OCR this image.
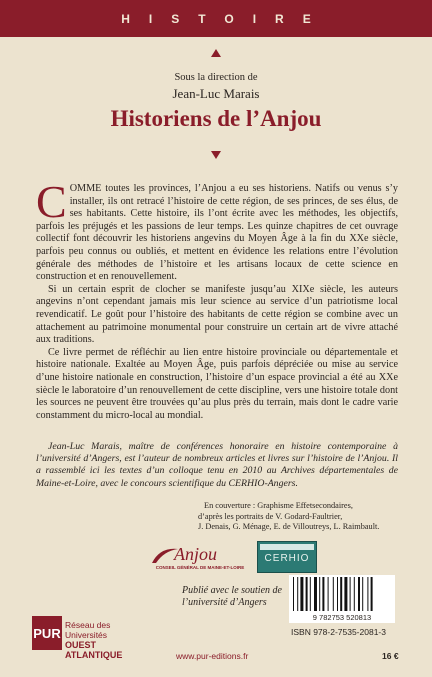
HISTOIRE
Sous la direction de
Jean-Luc Marais
Historiens de l’Anjou

COMME toutes les provinces, l’Anjou a eu ses historiens. Natifs ou venus s’y installer, ils ont retracé l’histoire de cette région, de ses princes, de ses élus, de ses habitants. Cette histoire, ils l’ont écrite avec les méthodes, les objectifs, parfois les préjugés et les passions de leur temps. Les quinze chapitres de cet ouvrage collectif font découvrir les historiens angevins du Moyen Âge à la fin du XXe siècle, parfois peu connus ou oubliés, et mettent en évidence les relations entre l’évolution générale des méthodes de l’histoire et les artisans locaux de cette science en construction et en renouvellement.

Si un certain esprit de clocher se manifeste jusqu’au XIXe siècle, les auteurs angevins n’ont cependant jamais mis leur science au service d’un patriotisme local revendicatif. Le goût pour l’histoire des habitants de cette région se combine avec un attachement au patrimoine monumental pour construire un certain art de vivre attaché aux traditions.

Ce livre permet de réfléchir au lien entre histoire provinciale ou départementale et histoire nationale. Exaltée au Moyen Âge, puis parfois dépréciée ou mise au service d’une histoire nationale en construction, l’histoire d’un espace provincial a été au XXe siècle le laboratoire d’un renouvellement de cette discipline, vers une histoire totale dont les sources ne peuvent être trouvées qu’au plus près du terrain, mais dont le cadre varie constamment du micro-local au mondial.

Jean-Luc Marais, maître de conférences honoraire en histoire contemporaine à l’université d’Angers, est l’auteur de nombreux articles et livres sur l’histoire de l’Anjou. Il a rassemblé ici les textes d’un colloque tenu en 2010 au Archives départementales de Maine-et-Loire, avec le concours scientifique du CERHIO-Angers.
En couverture : Graphisme Effetsecondaires,
d’après les portraits de V. Godard-Faultrier,
J. Denais, G. Ménage, E. de Villoutreys, L. Raimbault.
Anjou
CONSEIL GÉNÉRAL DE MAINE-ET-LOIRE
CERHIO
Publié avec le soutien de
l’université d’Angers
PUR
Réseau des Universités
OUEST ATLANTIQUE
9 782753 520813
ISBN 978-2-7535-2081-3
www.pur-editions.fr	16 €
